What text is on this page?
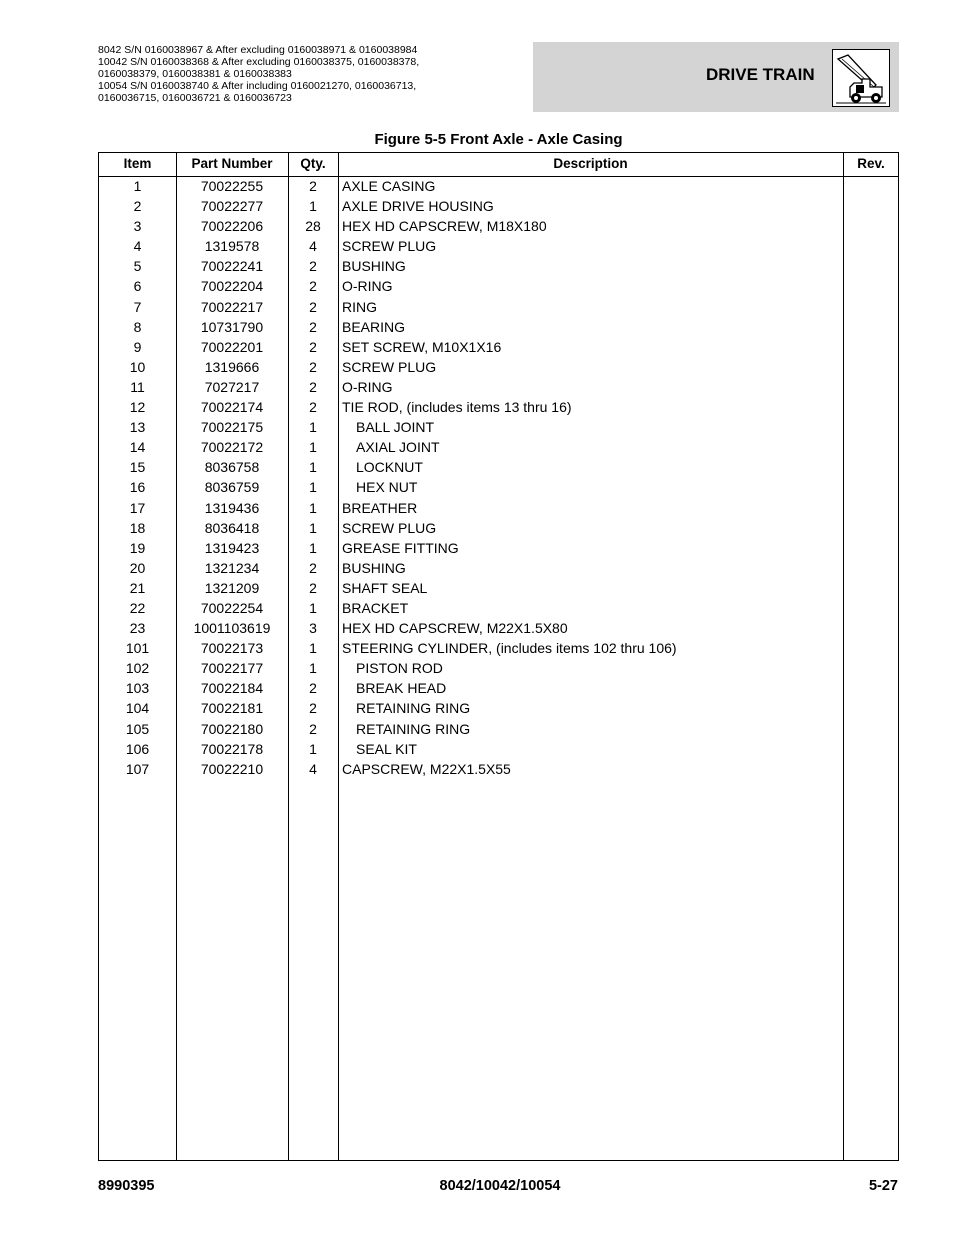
8042 S/N 0160038967 & After excluding 0160038971 & 0160038984
10042 S/N 0160038368 & After excluding 0160038375, 0160038378,
0160038379, 0160038381 & 0160038383
10054 S/N 0160038740 & After including 0160021270, 0160036713,
0160036715, 0160036721 & 0160036723
DRIVE TRAIN
Figure 5-5 Front Axle - Axle Casing
Item	Part Number	Qty.	Description	Rev.
1	70022255	2	AXLE CASING
2	70022277	1	AXLE DRIVE HOUSING
3	70022206	28	HEX HD CAPSCREW, M18X180
4	1319578	4	SCREW PLUG
5	70022241	2	BUSHING
6	70022204	2	O-RING
7	70022217	2	RING
8	10731790	2	BEARING
9	70022201	2	SET SCREW, M10X1X16
10	1319666	2	SCREW PLUG
11	7027217	2	O-RING
12	70022174	2	TIE ROD, (includes items 13 thru 16)
13	70022175	1	BALL JOINT
14	70022172	1	AXIAL JOINT
15	8036758	1	LOCKNUT
16	8036759	1	HEX NUT
17	1319436	1	BREATHER
18	8036418	1	SCREW PLUG
19	1319423	1	GREASE FITTING
20	1321234	2	BUSHING
21	1321209	2	SHAFT SEAL
22	70022254	1	BRACKET
23	1001103619	3	HEX HD CAPSCREW, M22X1.5X80
101	70022173	1	STEERING CYLINDER, (includes items 102 thru 106)
102	70022177	1	PISTON ROD
103	70022184	2	BREAK HEAD
104	70022181	2	RETAINING RING
105	70022180	2	RETAINING RING
106	70022178	1	SEAL KIT
107	70022210	4	CAPSCREW, M22X1.5X55
8990395	8042/10042/10054	5-27
